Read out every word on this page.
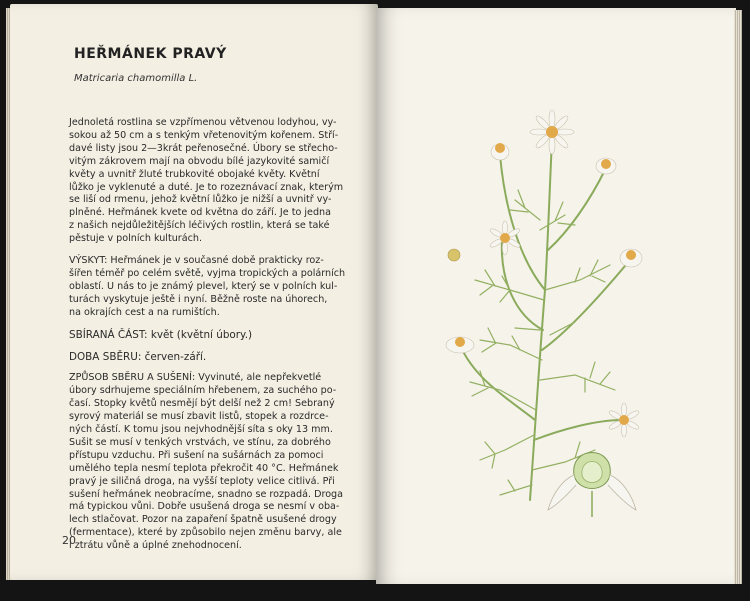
HEŘMÁNEK PRAVÝ
Matricaria chamomilla L.

Jednoletá rostlina se vzpřímenou větvenou lodyhou, vy-
sokou až 50 cm a s tenkým vřetenovitým kořenem. Stří-
davé listy jsou 2—3krát peřenosečné. Úbory se střecho-
vitým zákrovem mají na obvodu bílé jazykovité samičí
květy a uvnitř žluté trubkovité obojaké květy. Květní
lůžko je vyklenuté a duté. Je to rozeznávací znak, kterým
se liší od rmenu, jehož květní lůžko je nižší a uvnitř vy-
plněné. Heřmánek kvete od května do září. Je to jedna
z našich nejdůležitějších léčivých rostlin, která se také
pěstuje v polních kulturách.

VÝSKYT: Heřmánek je v současné době prakticky roz-
šířen téměř po celém světě, vyjma tropických a polárních
oblastí. U nás to je známý plevel, který se v polních kul-
turách vyskytuje ještě i nyní. Běžně roste na úhorech,
na okrajích cest a na rumištích.

SBÍRANÁ ČÁST: květ (květní úbory.)

DOBA SBĚRU: červen-září.

ZPŮSOB SBĚRU A SUŠENÍ: Vyvinuté, ale nepřekvetlé
úbory sdrhujeme speciálním hřebenem, za suchého po-
časí. Stopky květů nesmějí být delší než 2 cm! Sebraný
syrový materiál se musí zbavit listů, stopek a rozdrce-
ných částí. K tomu jsou nejvhodnější síta s oky 13 mm.
Sušit se musí v tenkých vrstvách, ve stínu, za dobrého
přístupu vzduchu. Při sušení na sušárnách za pomoci
umělého tepla nesmí teplota překročit 40 °C. Heřmánek
pravý je siličná droga, na vyšší teploty velice citlivá. Při
sušení heřmánek neobracíme, snadno se rozpadá. Droga
má typickou vůni. Dobře usušená droga se nesmí v oba-
lech stlačovat. Pozor na zapaření špatně usušené drogy
(fermentace), které by způsobilo nejen změnu barvy, ale
i ztrátu vůně a úplné znehodnocení.

20
